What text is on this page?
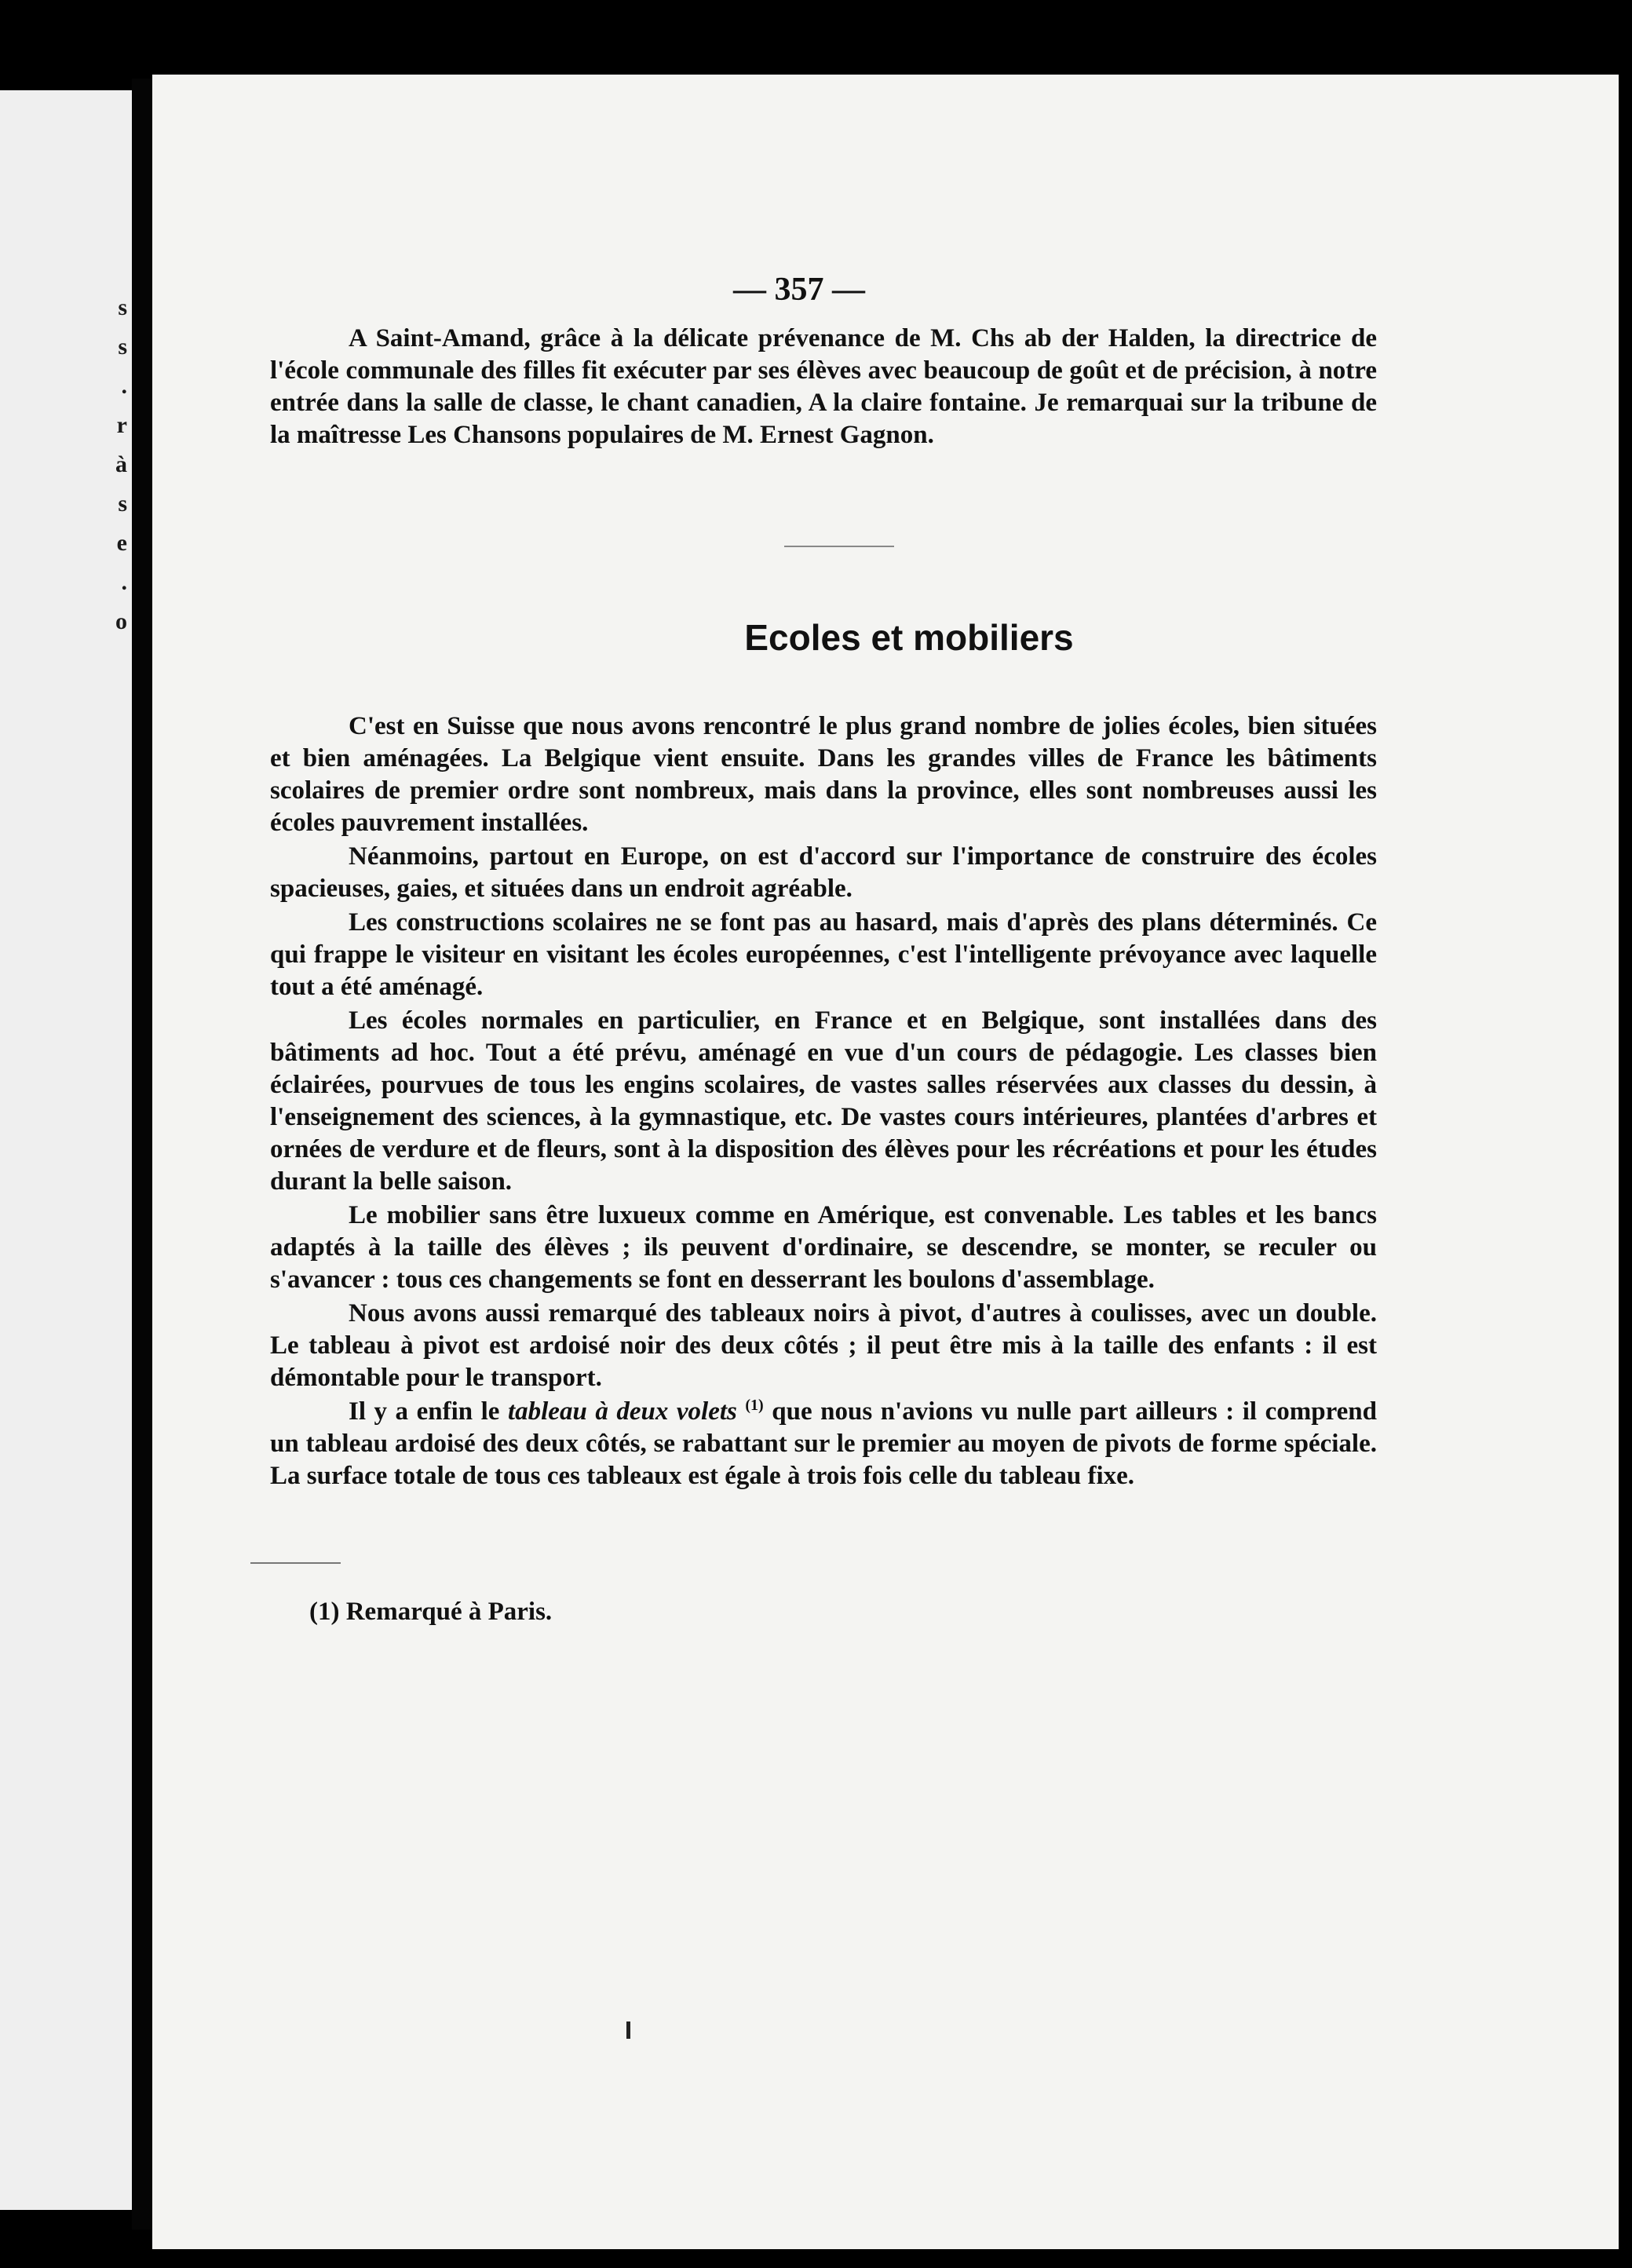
s
s
.
r
à
s
e
.
o
— 357 —

A Saint-Amand, grâce à la délicate prévenance de M. Chs ab der Halden, la directrice de l'école communale des filles fit exécuter par ses élèves avec beaucoup de goût et de précision, à notre entrée dans la salle de classe, le chant canadien, A la claire fontaine. Je remarquai sur la tribune de la maîtresse Les Chansons populaires de M. Ernest Gagnon.

Ecoles et mobiliers

C'est en Suisse que nous avons rencontré le plus grand nombre de jolies écoles, bien situées et bien aménagées. La Belgique vient ensuite. Dans les grandes villes de France les bâtiments scolaires de premier ordre sont nombreux, mais dans la province, elles sont nombreuses aussi les écoles pauvrement installées.

Néanmoins, partout en Europe, on est d'accord sur l'importance de construire des écoles spacieuses, gaies, et situées dans un endroit agréable.

Les constructions scolaires ne se font pas au hasard, mais d'après des plans déterminés. Ce qui frappe le visiteur en visitant les écoles européennes, c'est l'intelligente prévoyance avec laquelle tout a été aménagé.

Les écoles normales en particulier, en France et en Belgique, sont installées dans des bâtiments ad hoc. Tout a été prévu, aménagé en vue d'un cours de pédagogie. Les classes bien éclairées, pourvues de tous les engins scolaires, de vastes salles réservées aux classes du dessin, à l'enseignement des sciences, à la gymnastique, etc. De vastes cours intérieures, plantées d'arbres et ornées de verdure et de fleurs, sont à la disposition des élèves pour les récréations et pour les études durant la belle saison.

Le mobilier sans être luxueux comme en Amérique, est convenable. Les tables et les bancs adaptés à la taille des élèves ; ils peuvent d'ordinaire, se descendre, se monter, se reculer ou s'avancer : tous ces changements se font en desserrant les boulons d'assemblage.

Nous avons aussi remarqué des tableaux noirs à pivot, d'autres à coulisses, avec un double. Le tableau à pivot est ardoisé noir des deux côtés ; il peut être mis à la taille des enfants : il est démontable pour le transport.

Il y a enfin le tableau à deux volets $^{(1)}$ que nous n'avions vu nulle part ailleurs : il comprend un tableau ardoisé des deux côtés, se rabattant sur le premier au moyen de pivots de forme spéciale. La surface totale de tous ces tableaux est égale à trois fois celle du tableau fixe.

(1) Remarqué à Paris.
